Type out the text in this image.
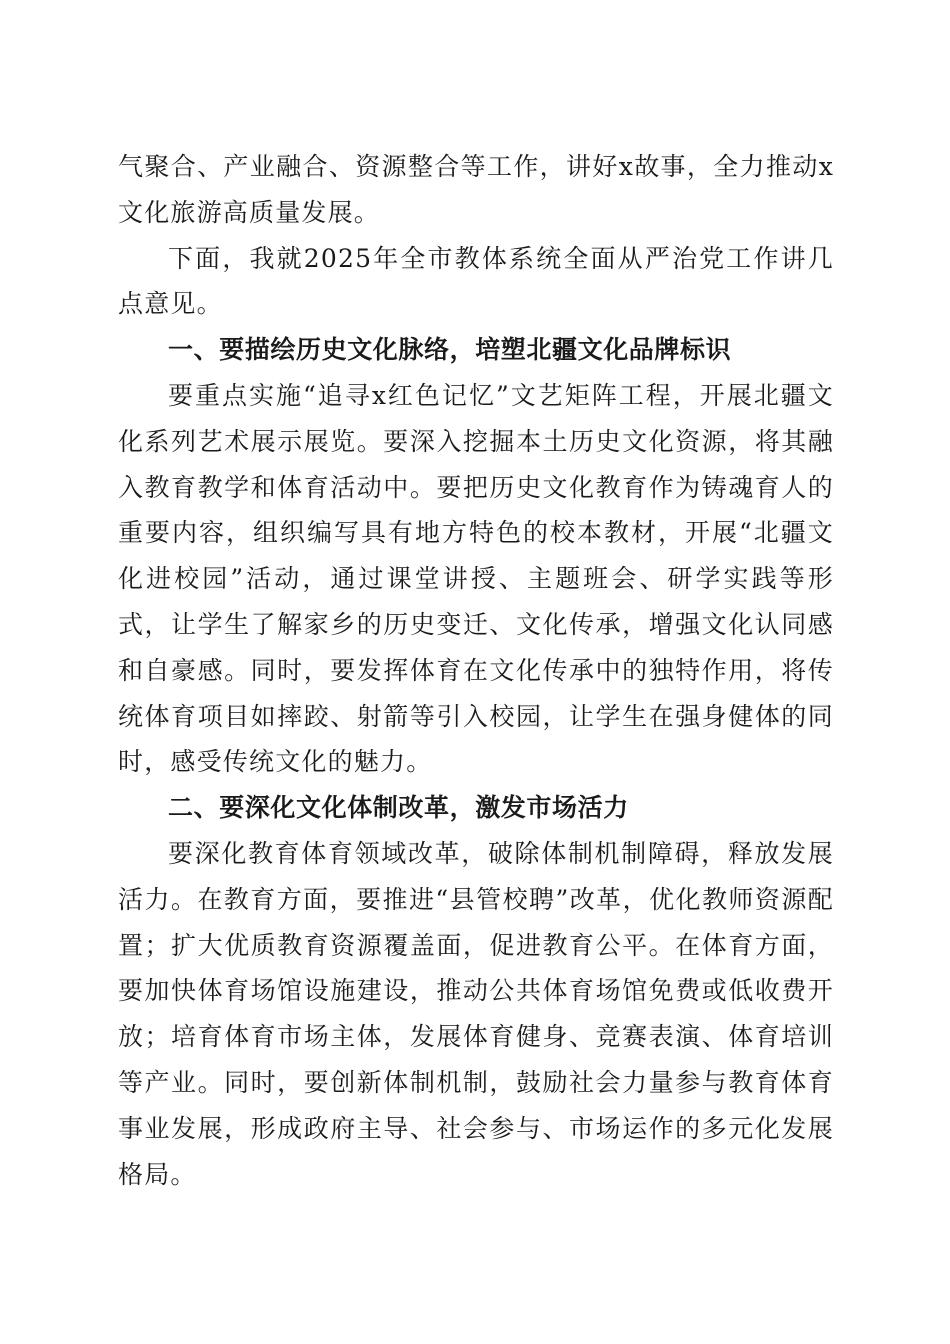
气聚合、产业融合、资源整合等工作，讲好x故事，全力推动x文化旅游高质量发展。

下面，我就2025年全市教体系统全面从严治党工作讲几点意见。

一、要描绘历史文化脉络，培塑北疆文化品牌标识

要重点实施“追寻x红色记忆”文艺矩阵工程，开展北疆文化系列艺术展示展览。要深入挖掘本土历史文化资源，将其融入教育教学和体育活动中。要把历史文化教育作为铸魂育人的重要内容，组织编写具有地方特色的校本教材，开展“北疆文化进校园”活动，通过课堂讲授、主题班会、研学实践等形式，让学生了解家乡的历史变迁、文化传承，增强文化认同感和自豪感。同时，要发挥体育在文化传承中的独特作用，将传统体育项目如摔跤、射箭等引入校园，让学生在强身健体的同时，感受传统文化的魅力。

二、要深化文化体制改革，激发市场活力

要深化教育体育领域改革，破除体制机制障碍，释放发展活力。在教育方面，要推进“县管校聘”改革，优化教师资源配置；扩大优质教育资源覆盖面，促进教育公平。在体育方面，要加快体育场馆设施建设，推动公共体育场馆免费或低收费开放；培育体育市场主体，发展体育健身、竞赛表演、体育培训等产业。同时，要创新体制机制，鼓励社会力量参与教育体育事业发展，形成政府主导、社会参与、市场运作的多元化发展格局。
